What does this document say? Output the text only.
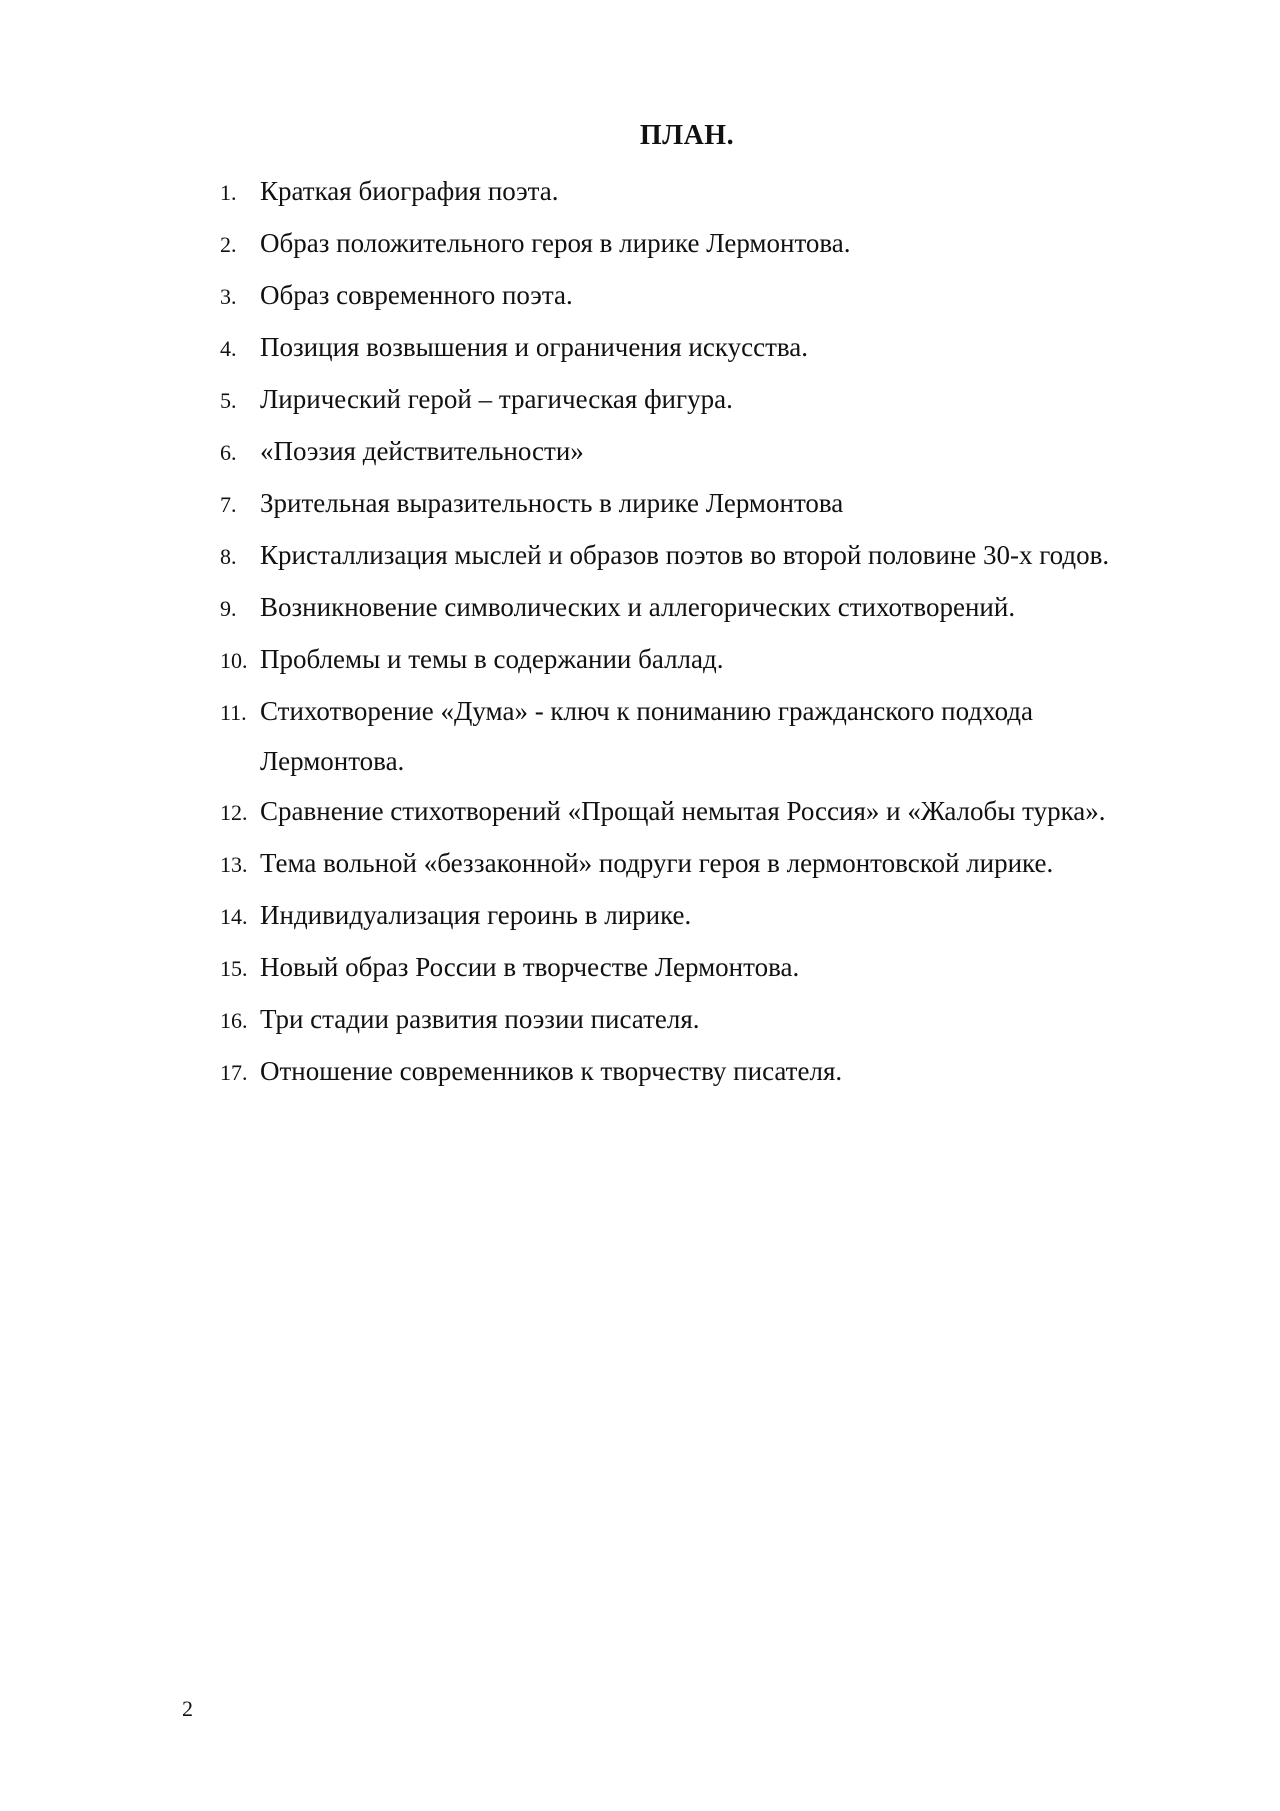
ПЛАН.
1. Краткая биография поэта.
2. Образ положительного героя в лирике Лермонтова.
3. Образ современного поэта.
4. Позиция возвышения и ограничения искусства.
5. Лирический герой – трагическая фигура.
6. «Поэзия действительности»
7. Зрительная выразительность в лирике Лермонтова
8. Кристаллизация мыслей и образов поэтов во второй половине 30-х годов.
9. Возникновение символических и аллегорических стихотворений.
10. Проблемы и темы в содержании баллад.
11. Стихотворение «Дума» - ключ к пониманию гражданского подхода Лермонтова.
12. Сравнение стихотворений «Прощай немытая Россия» и «Жалобы турка».
13. Тема вольной «беззаконной» подруги героя в лермонтовской лирике.
14. Индивидуализация героинь в лирике.
15. Новый образ России в творчестве Лермонтова.
16. Три стадии развития поэзии писателя.
17. Отношение современников к творчеству писателя.
2
